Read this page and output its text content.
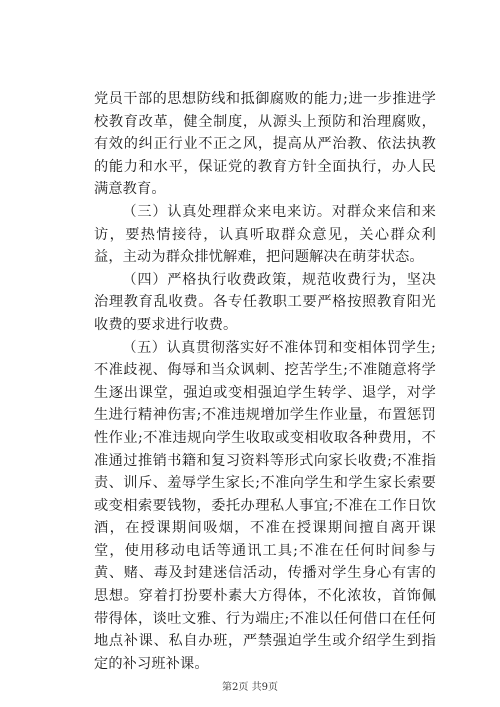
党员干部的思想防线和抵御腐败的能力;进一步推进学校教育改革，健全制度，从源头上预防和治理腐败，有效的纠正行业不正之风，提高从严治教、依法执教的能力和水平，保证党的教育方针全面执行，办人民满意教育。

（三）认真处理群众来电来访。对群众来信和来访，要热情接待，认真听取群众意见，关心群众利益，主动为群众排忧解难，把问题解决在萌芽状态。

（四）严格执行收费政策，规范收费行为，坚决治理教育乱收费。各专任教职工要严格按照教育阳光收费的要求进行收费。

（五）认真贯彻落实好不准体罚和变相体罚学生;不准歧视、侮辱和当众讽刺、挖苦学生;不准随意将学生逐出课堂，强迫或变相强迫学生转学、退学，对学生进行精神伤害;不准违规增加学生作业量，布置惩罚性作业;不准违规向学生收取或变相收取各种费用，不准通过推销书籍和复习资料等形式向家长收费;不准指责、训斥、羞辱学生家长;不准向学生和学生家长索要或变相索要钱物，委托办理私人事宜;不准在工作日饮酒，在授课期间吸烟，不准在授课期间擅自离开课堂，使用移动电话等通讯工具;不准在任何时间参与黄、赌、毒及封建迷信活动，传播对学生身心有害的思想。穿着打扮要朴素大方得体，不化浓妆，首饰佩带得体，谈吐文雅、行为端庄;不准以任何借口在任何地点补课、私自办班，严禁强迫学生或介绍学生到指定的补习班补课。

第2页 共9页
